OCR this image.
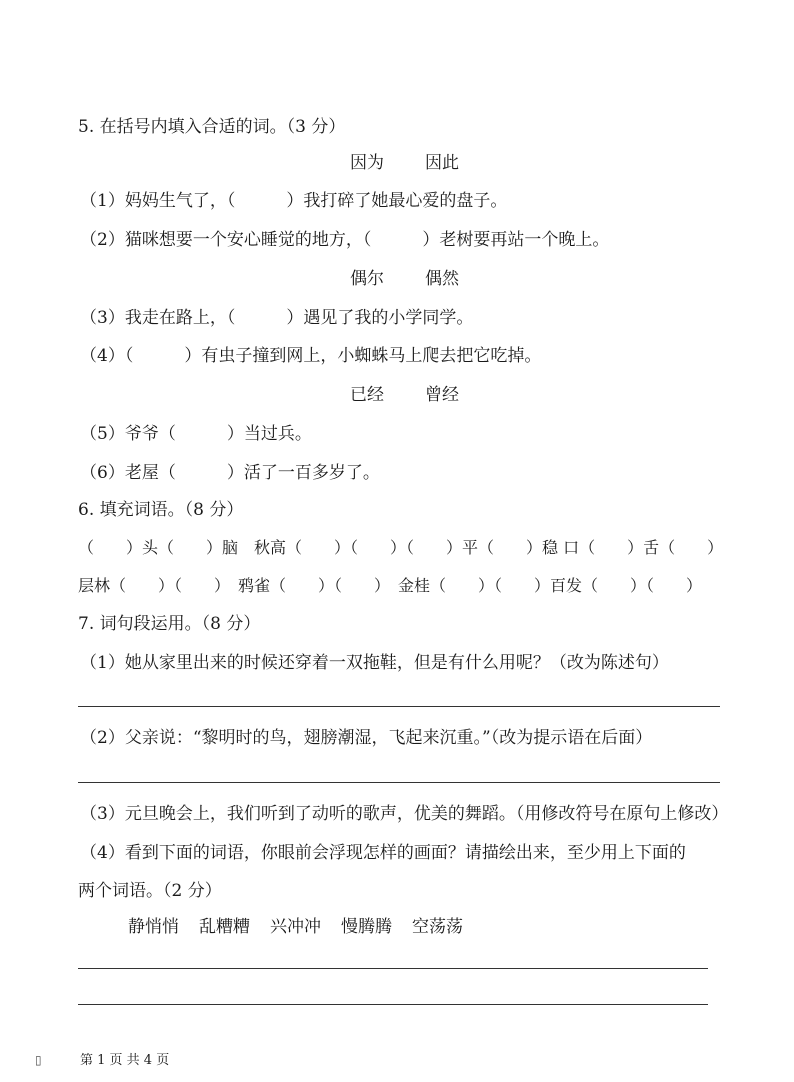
5. 在括号内填入合适的词。（3 分）
因为 因此
（1）妈妈生气了，（　　　）我打碎了她最心爱的盘子。
（2）猫咪想要一个安心睡觉的地方，（　　　）老树要再站一个晚上。
偶尔 偶然
（3）我走在路上，（　　　）遇见了我的小学同学。
（4）（　　　）有虫子撞到网上，小蜘蛛马上爬去把它吃掉。
已经 曾经
（5）爷爷（　　　）当过兵。
（6）老屋（　　　）活了一百多岁了。
6. 填充词语。（8 分）
（　　）头（　　）脑　秋高（　　）（　　）（　　）平（　　）稳 口（　　）舌（　　）
层林（　　）（　　）　鸦雀（　　）（　　）　金桂（　　）（　　）百发（　　）（　　）
7. 词句段运用。（8 分）
（1）她从家里出来的时候还穿着一双拖鞋，但是有什么用呢？（改为陈述句）
（2）父亲说：“黎明时的鸟，翅膀潮湿，飞起来沉重。”（改为提示语在后面）
（3）元旦晚会上，我们听到了动听的歌声，优美的舞蹈。（用修改符号在原句上修改）
（4）看到下面的词语，你眼前会浮现怎样的画面？请描绘出来，至少用上下面的
两个词语。（2 分）
静悄悄 乱糟糟 兴冲冲 慢腾腾 空荡荡
▯	第 1 页 共 4 页
